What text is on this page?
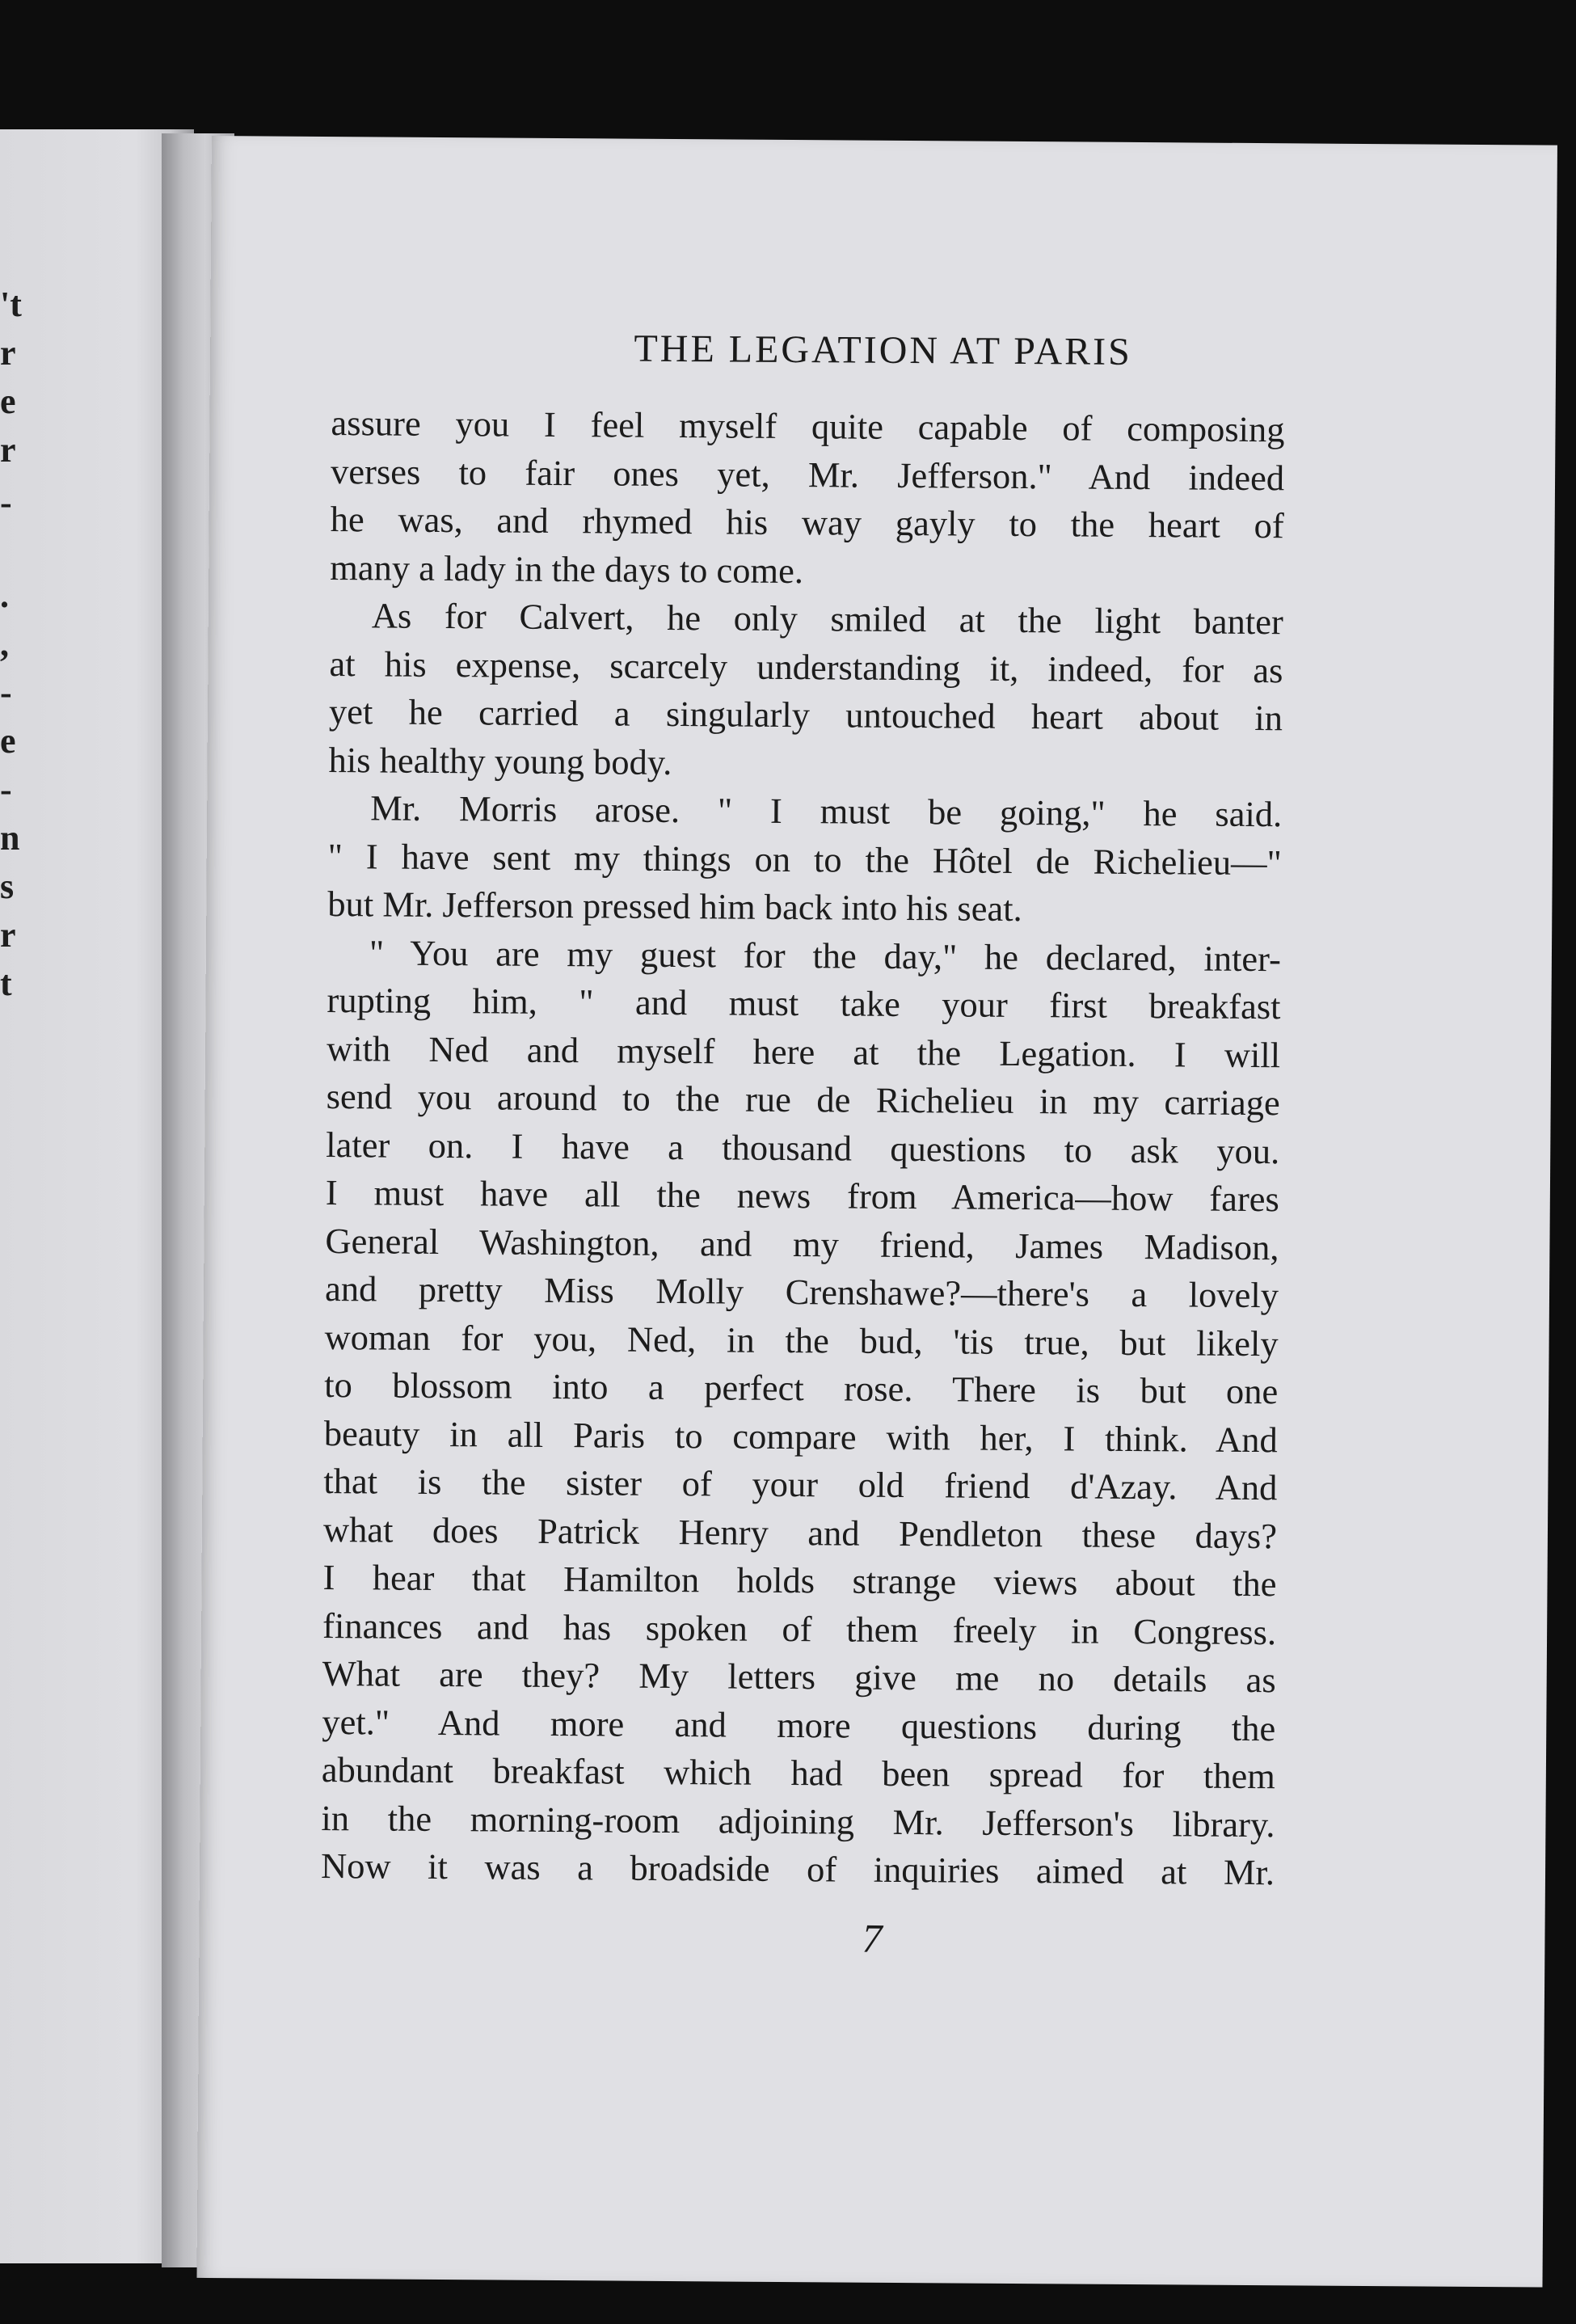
't
r
e
r
-
.
,
-
e
-
n
s
r
t
THE LEGATION AT PARIS
assure you I feel myself quite capable of composing
verses to fair ones yet, Mr. Jefferson." And indeed
he was, and rhymed his way gayly to the heart of
many a lady in the days to come.
As for Calvert, he only smiled at the light banter
at his expense, scarcely understanding it, indeed, for as
yet he carried a singularly untouched heart about in
his healthy young body.
Mr. Morris arose. " I must be going," he said.
" I have sent my things on to the Hôtel de Richelieu—"
but Mr. Jefferson pressed him back into his seat.
" You are my guest for the day," he declared, inter-
rupting him, " and must take your first breakfast
with Ned and myself here at the Legation. I will
send you around to the rue de Richelieu in my carriage
later on. I have a thousand questions to ask you.
I must have all the news from America—how fares
General Washington, and my friend, James Madison,
and pretty Miss Molly Crenshawe?—there's a lovely
woman for you, Ned, in the bud, 'tis true, but likely
to blossom into a perfect rose. There is but one
beauty in all Paris to compare with her, I think. And
that is the sister of your old friend d'Azay. And
what does Patrick Henry and Pendleton these days?
I hear that Hamilton holds strange views about the
finances and has spoken of them freely in Congress.
What are they? My letters give me no details as
yet." And more and more questions during the
abundant breakfast which had been spread for them
in the morning-room adjoining Mr. Jefferson's library.
Now it was a broadside of inquiries aimed at Mr.
7
